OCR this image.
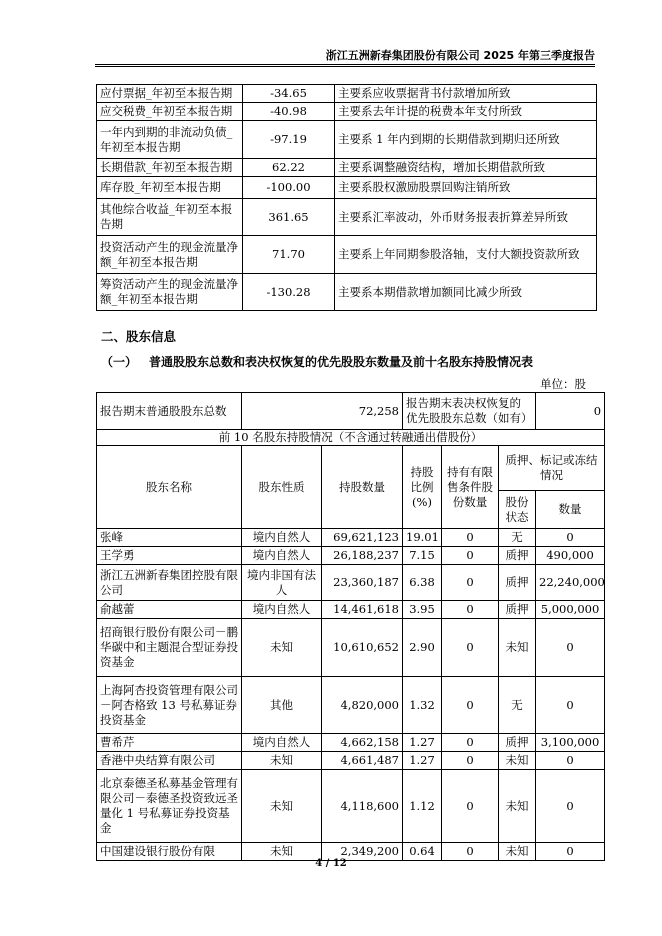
浙江五洲新春集团股份有限公司 2025 年第三季度报告
应付票据_年初至本报告期	-34.65	主要系应收票据背书付款增加所致
应交税费_年初至本报告期	-40.98	主要系去年计提的税费本年支付所致
一年内到期的非流动负债_年初至本报告期	-97.19	主要系 1 年内到期的长期借款到期归还所致
长期借款_年初至本报告期	62.22	主要系调整融资结构，增加长期借款所致
库存股_年初至本报告期	-100.00	主要系股权激励股票回购注销所致
其他综合收益_年初至本报告期	361.65	主要系汇率波动，外币财务报表折算差异所致
投资活动产生的现金流量净额_年初至本报告期	71.70	主要系上年同期参股洛轴，支付大额投资款所致
筹资活动产生的现金流量净额_年初至本报告期	-130.28	主要系本期借款增加额同比减少所致
二、股东信息
（一） 普通股股东总数和表决权恢复的优先股股东数量及前十名股东持股情况表
单位：股
报告期末普通股股东总数	72,258		报告期末表决权恢复的优先股股东总数（如有）			0
前 10 名股东持股情况（不含通过转融通出借股份）						
股东名称	股东性质	持股数量	持股比例(%)	持有有限售条件股份数量	质押、标记或冻结情况	
					股份状态	数量
张峰	境内自然人	69,621,123	19.01	0	无	0
王学勇	境内自然人	26,188,237	7.15	0	质押	490,000
浙江五洲新春集团控股有限公司	境内非国有法人	23,360,187	6.38	0	质押	22,240,000
俞越蕾	境内自然人	14,461,618	3.95	0	质押	5,000,000
招商银行股份有限公司－鹏华碳中和主题混合型证券投资基金	未知	10,610,652	2.90	0	未知	0
上海阿杏投资管理有限公司－阿杏格致 13 号私募证券投资基金	其他	4,820,000	1.32	0	无	0
曹希芹	境内自然人	4,662,158	1.27	0	质押	3,100,000
香港中央结算有限公司	未知	4,661,487	1.27	0	未知	0
北京泰德圣私募基金管理有限公司－泰德圣投资致远圣量化 1 号私募证券投资基金	未知	4,118,600	1.12	0	未知	0
中国建设银行股份有限	未知	2,349,200	0.64	0	未知	0
4 / 12
